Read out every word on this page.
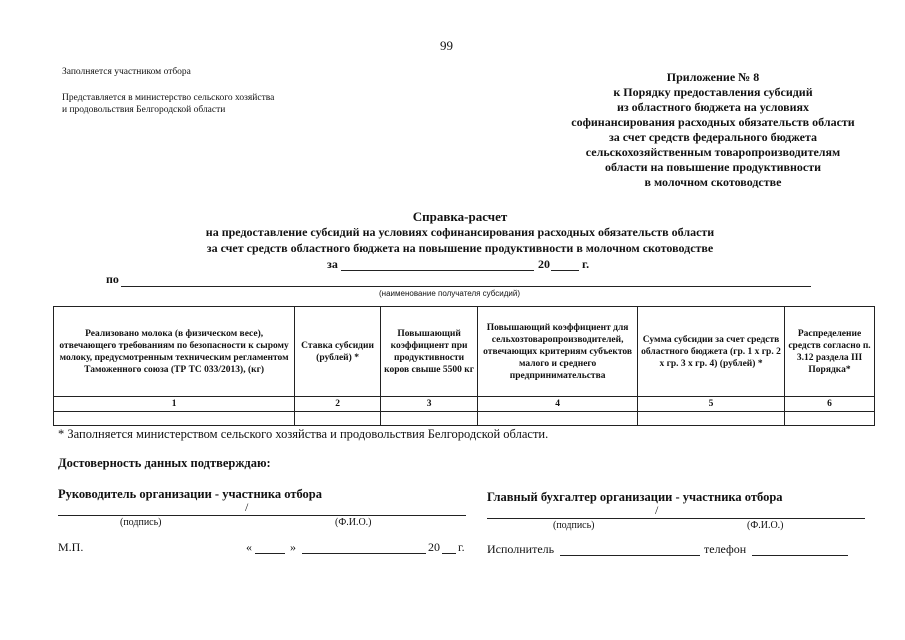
99
Заполняется участником отбора
Представляется в министерство сельского хозяйства
и продовольствия Белгородской области
Приложение № 8
к Порядку предоставления субсидий
из областного бюджета на условиях
софинансирования расходных обязательств области
за счет средств федерального бюджета
сельскохозяйственным товаропроизводителям
области на повышение продуктивности
в молочном скотоводстве
Справка-расчет
на предоставление субсидий на условиях софинансирования расходных обязательств области
за счет средств областного бюджета на повышение продуктивности в молочном скотоводстве
за	20	г.
по
(наименование получателя субсидий)
Реализовано молока (в физическом весе), отвечающего требованиям по безопасности к сырому молоку, предусмотренным техническим регламентом Таможенного союза (ТР ТС 033/2013), (кг)	Ставка субсидии (рублей) *	Повышающий коэффициент при продуктивности коров свыше 5500 кг	Повышающий коэффициент для сельхозтоваропроизводителей, отвечающих критериям субъектов малого и среднего предпринимательства	Сумма субсидии за счет средств областного бюджета (гр. 1 х гр. 2 х гр. 3 х гр. 4) (рублей) *	Распределение средств согласно п. 3.12 раздела III Порядка*
1	2	3	4	5	6

* Заполняется министерством сельского хозяйства и продовольствия Белгородской области.
Достоверность данных подтверждаю:
Руководитель организации - участника отбора
/
(подпись)	(Ф.И.О.)
Главный бухгалтер организации - участника отбора
/
(подпись)	(Ф.И.О.)
М.П.	«	»	20 г. Исполнитель	телефон
